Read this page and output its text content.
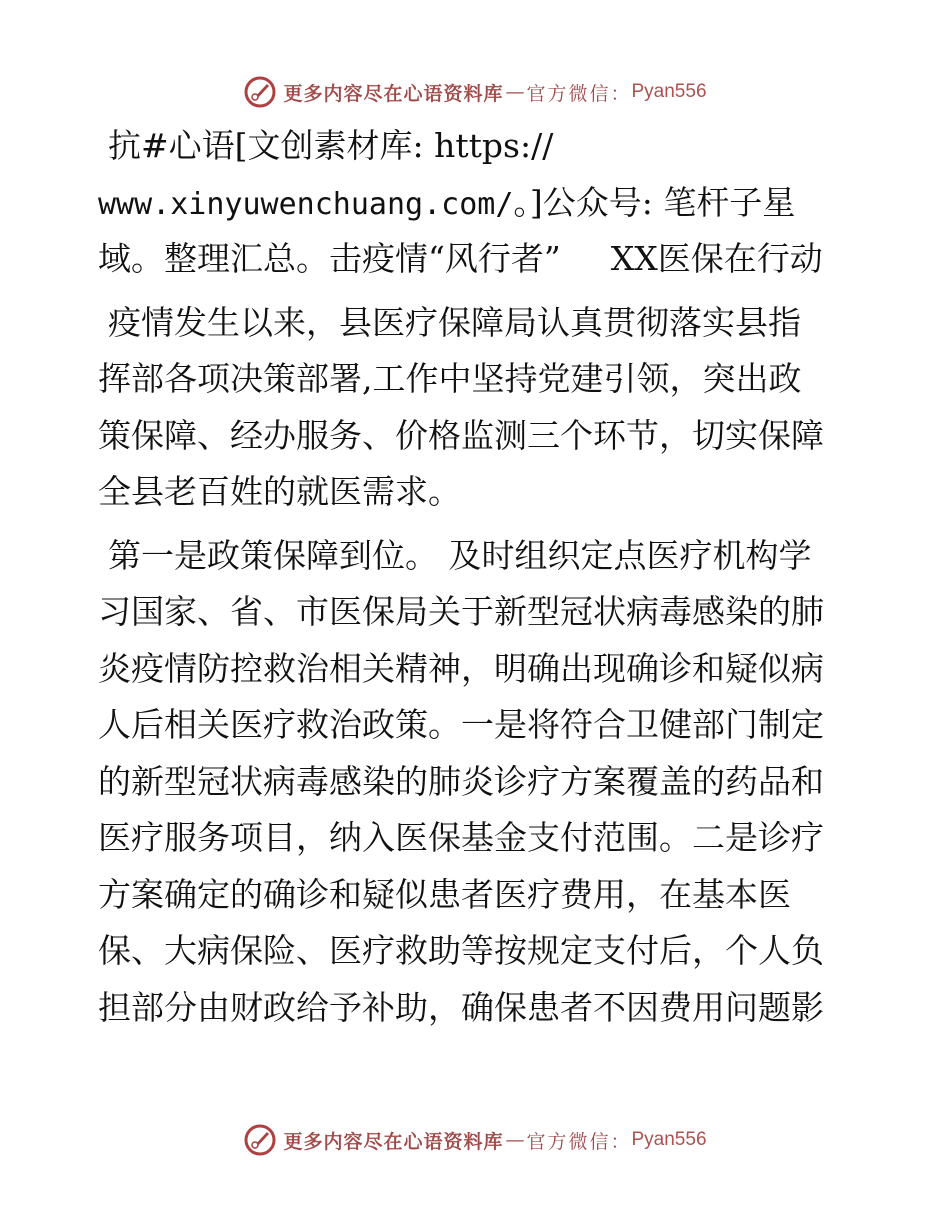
更多内容尽在心语资料库 — 官方微信： Pyan556
抗#心语[文创素材库: https://
www.xinyuwenchuang.com/。]公众号: 笔杆子星
域。整理汇总。击疫情“风行者” XX医保在行动
疫情发生以来，县医疗保障局认真贯彻落实县指
挥部各项决策部署,工作中坚持党建引领，突出政
策保障、经办服务、价格监测三个环节，切实保障
全县老百姓的就医需求。
第一是政策保障到位。 及时组织定点医疗机构学
习国家、省、市医保局关于新型冠状病毒感染的肺
炎疫情防控救治相关精神，明确出现确诊和疑似病
人后相关医疗救治政策。一是将符合卫健部门制定
的新型冠状病毒感染的肺炎诊疗方案覆盖的药品和
医疗服务项目，纳入医保基金支付范围。二是诊疗
方案确定的确诊和疑似患者医疗费用，在基本医
保、大病保险、医疗救助等按规定支付后，个人负
担部分由财政给予补助，确保患者不因费用问题影
更多内容尽在心语资料库 — 官方微信： Pyan556
